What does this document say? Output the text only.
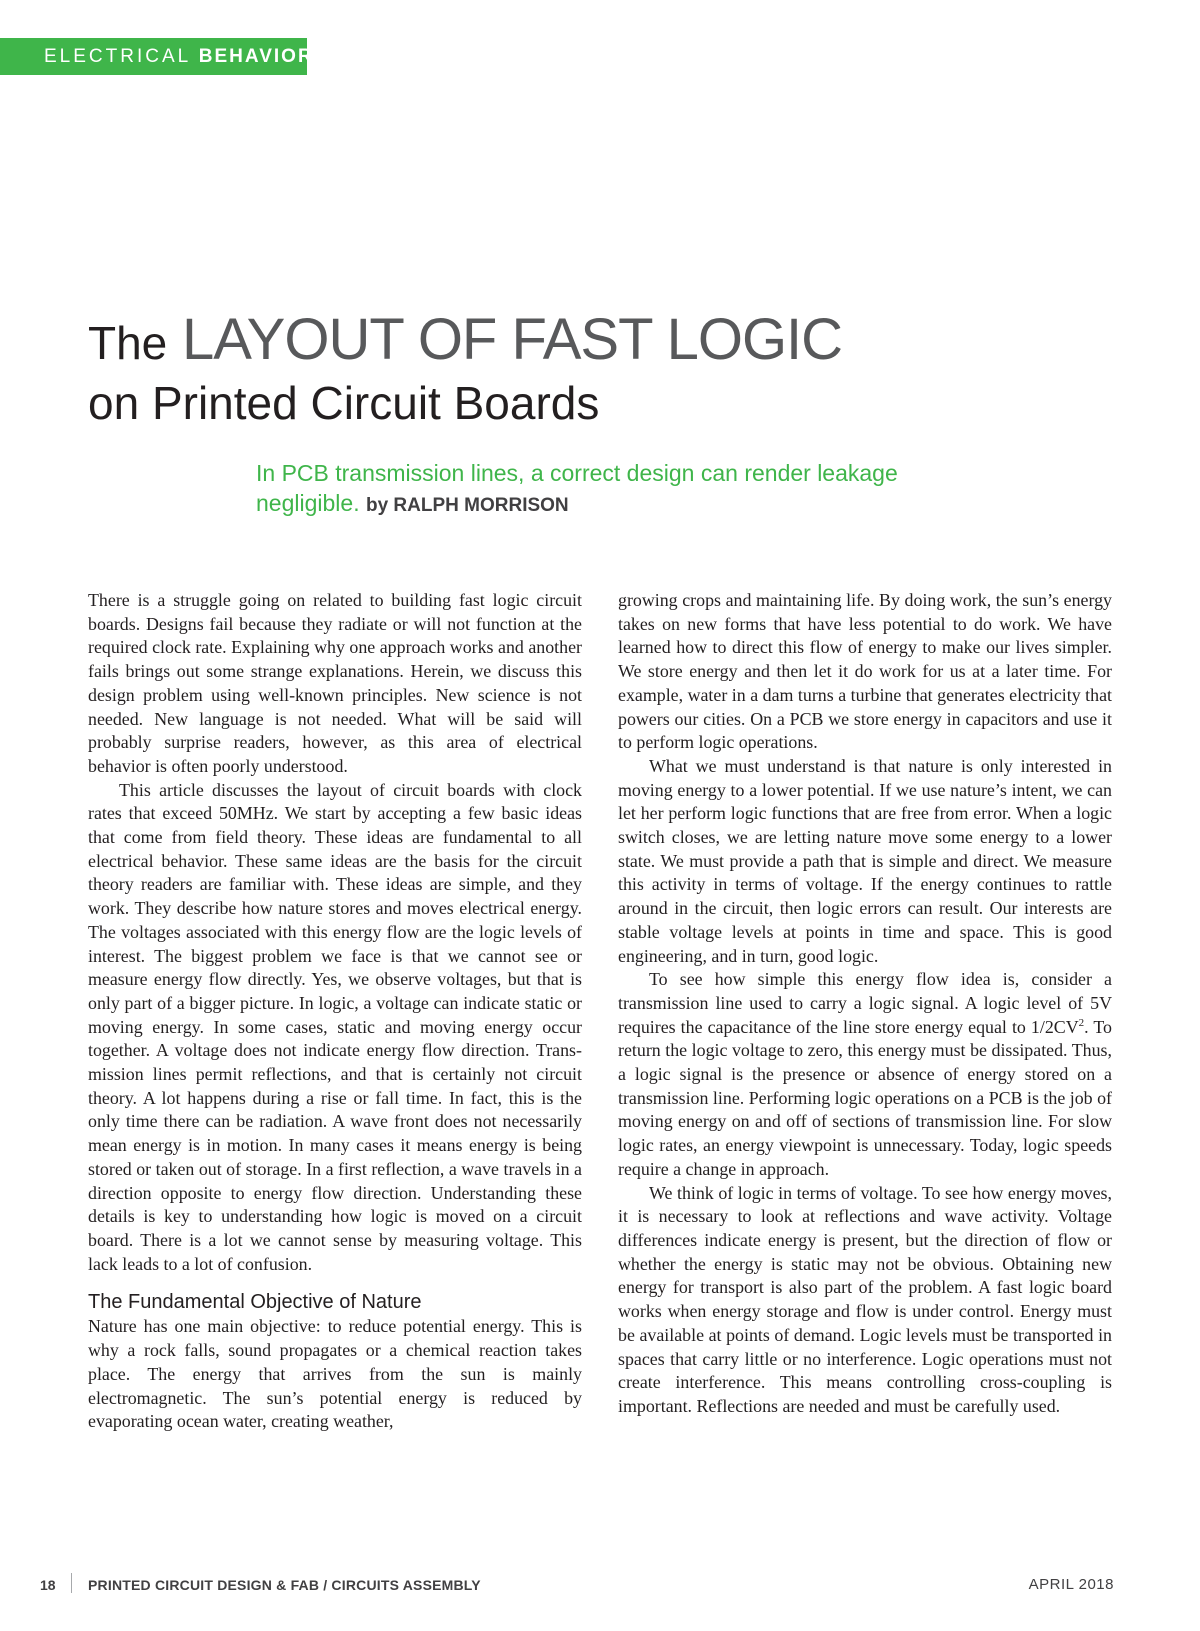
ELECTRICAL BEHAVIOR
The LAYOUT OF FAST LOGIC
on Printed Circuit Boards
In PCB transmission lines, a correct design can render leakage negligible. by RALPH MORRISON

There is a struggle going on related to building fast logic circuit boards. Designs fail because they radiate or will not function at the required clock rate. Explaining why one approach works and another fails brings out some strange explanations. Herein, we discuss this design problem using well-known principles. New science is not needed. New language is not needed. What will be said will probably surprise readers, however, as this area of electrical behavior is often poorly understood.

This article discusses the layout of circuit boards with clock rates that exceed 50MHz. We start by accepting a few basic ideas that come from field theory. These ideas are fundamental to all electrical behavior. These same ideas are the basis for the circuit theory readers are familiar with. These ideas are simple, and they work. They describe how nature stores and moves electrical energy. The voltages associated with this energy flow are the logic levels of interest. The biggest problem we face is that we cannot see or measure energy flow directly. Yes, we observe voltages, but that is only part of a bigger picture. In logic, a voltage can indicate static or moving energy. In some cases, static and moving energy occur together. A voltage does not indicate energy flow direction. Transmission lines permit reflections, and that is certainly not circuit theory. A lot happens during a rise or fall time. In fact, this is the only time there can be radiation. A wave front does not necessarily mean energy is in motion. In many cases it means energy is being stored or taken out of storage. In a first reflection, a wave travels in a direction opposite to energy flow direction. Understanding these details is key to understanding how logic is moved on a circuit board. There is a lot we cannot sense by measuring voltage. This lack leads to a lot of confusion.

The Fundamental Objective of Nature

Nature has one main objective: to reduce potential energy. This is why a rock falls, sound propagates or a chemical reaction takes place. The energy that arrives from the sun is mainly electromagnetic. The sun’s potential energy is reduced by evaporating ocean water, creating weather,

growing crops and maintaining life. By doing work, the sun’s energy takes on new forms that have less potential to do work. We have learned how to direct this flow of energy to make our lives simpler. We store energy and then let it do work for us at a later time. For example, water in a dam turns a turbine that generates electricity that powers our cities. On a PCB we store energy in capacitors and use it to perform logic operations.

What we must understand is that nature is only interested in moving energy to a lower potential. If we use nature’s intent, we can let her perform logic functions that are free from error. When a logic switch closes, we are letting nature move some energy to a lower state. We must provide a path that is simple and direct. We measure this activity in terms of voltage. If the energy continues to rattle around in the circuit, then logic errors can result. Our interests are stable voltage levels at points in time and space. This is good engineering, and in turn, good logic.

To see how simple this energy flow idea is, consider a transmission line used to carry a logic signal. A logic level of 5V requires the capacitance of the line store energy equal to $1/2CV^2$. To return the logic voltage to zero, this energy must be dissipated. Thus, a logic signal is the presence or absence of energy stored on a transmission line. Performing logic operations on a PCB is the job of moving energy on and off of sections of transmission line. For slow logic rates, an energy viewpoint is unnecessary. Today, logic speeds require a change in approach.

We think of logic in terms of voltage. To see how energy moves, it is necessary to look at reflections and wave activity. Voltage differences indicate energy is present, but the direction of flow or whether the energy is static may not be obvious. Obtaining new energy for transport is also part of the problem. A fast logic board works when energy storage and flow is under control. Energy must be available at points of demand. Logic levels must be transported in spaces that carry little or no interference. Logic operations must not create interference. This means controlling cross-coupling is important. Reflections are needed and must be carefully used.

18 PRINTED CIRCUIT DESIGN & FAB / CIRCUITS ASSEMBLY	APRIL 2018
